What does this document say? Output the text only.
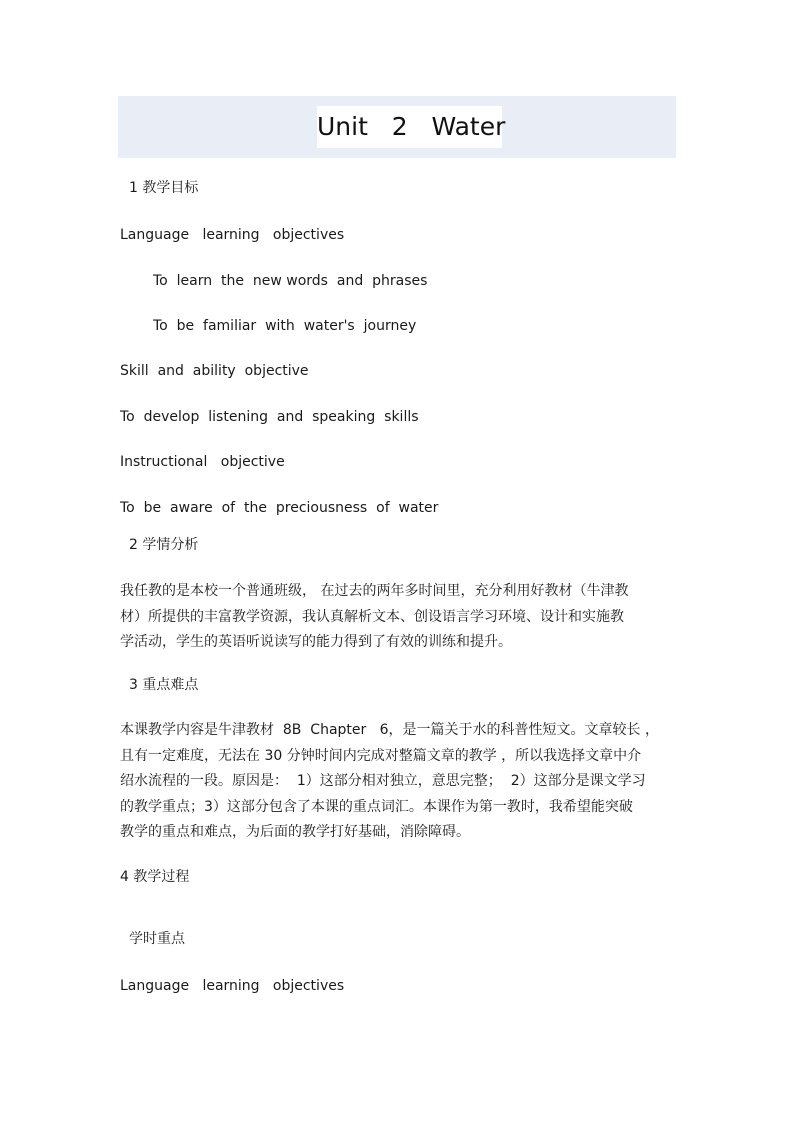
Unit   2   Water
1 教学目标
Language   learning   objectives
To  learn  the  new words  and  phrases
To  be  familiar  with  water's  journey
Skill  and  ability  objective
To  develop  listening  and  speaking  skills
Instructional   objective
To  be  aware  of  the  preciousness  of  water
2 学情分析
我任教的是本校一个普通班级， 在过去的两年多时间里，充分利用好教材（牛津教
材）所提供的丰富教学资源，我认真解析文本、创设语言学习环境、设计和实施教
学活动，学生的英语听说读写的能力得到了有效的训练和提升。
3 重点难点
本课教学内容是牛津教材  8B  Chapter   6，是一篇关于水的科普性短文。文章较长 ，
且有一定难度，无法在 30 分钟时间内完成对整篇文章的教学 ，所以我选择文章中介
绍水流程的一段。原因是：  1）这部分相对独立，意思完整；  2）这部分是课文学习
的教学重点；3）这部分包含了本课的重点词汇。本课作为第一教时，我希望能突破
教学的重点和难点，为后面的教学打好基础，消除障碍。
4 教学过程
学时重点
Language   learning   objectives
